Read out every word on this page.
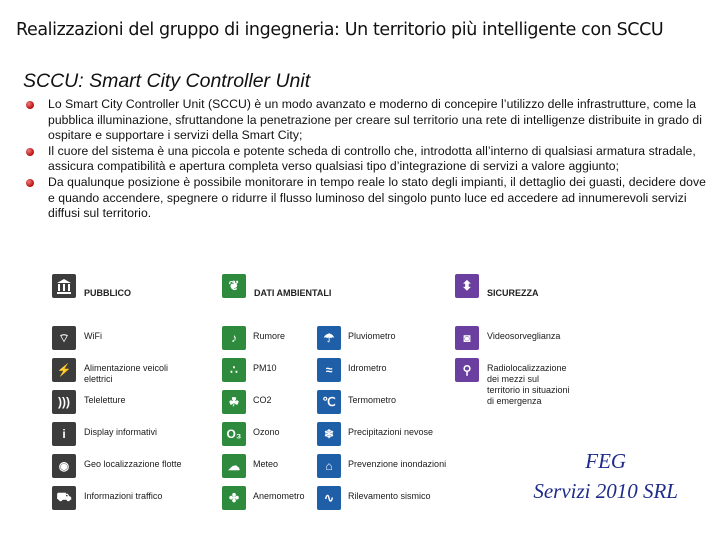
Realizzazioni del gruppo di ingegneria: Un territorio più intelligente con SCCU
SCCU: Smart City Controller Unit
Lo Smart City Controller Unit (SCCU) è un modo avanzato e moderno di concepire l’utilizzo delle infrastrutture, come la pubblica illuminazione, sfruttandone la penetrazione per creare sul territorio una rete di intelligenze distribuite in grado di ospitare e supportare i servizi della Smart City;
Il cuore del sistema è una piccola e potente scheda di controllo che, introdotta all’interno di qualsiasi armatura stradale, assicura compatibilità e apertura completa verso qualsiasi tipo d’integrazione di servizi a valore aggiunto;
Da qualunque posizione è possibile monitorare in tempo reale lo stato degli impianti, il dettaglio dei guasti, decidere dove e quando accendere, spegnere o ridurre il flusso luminoso del singolo punto luce ed accedere ad innumerevoli servizi diffusi sul territorio.
PUBBLICO
⌔	WiFi
⚡	Alimentazione veicoli elettrici
)))	Teleletture
i	Display informativi
◉	Geo localizzazione flotte
⛟	Informazioni traffico
❦	DATI AMBIENTALI
♪	Rumore
∴	PM10
☘	CO2
O₃	Ozono
☁	Meteo
✤	Anemometro
☂	Pluviometro
≈	Idrometro
℃	Termometro
❄	Precipitazioni nevose
⌂	Prevenzione inondazioni
∿	Rilevamento sismico
⬍	SICUREZZA
◙	Videosorveglianza
⚲	Radiolocalizzazione dei mezzi sul territorio in situazioni di emergenza
FEG
Servizi 2010 SRL
